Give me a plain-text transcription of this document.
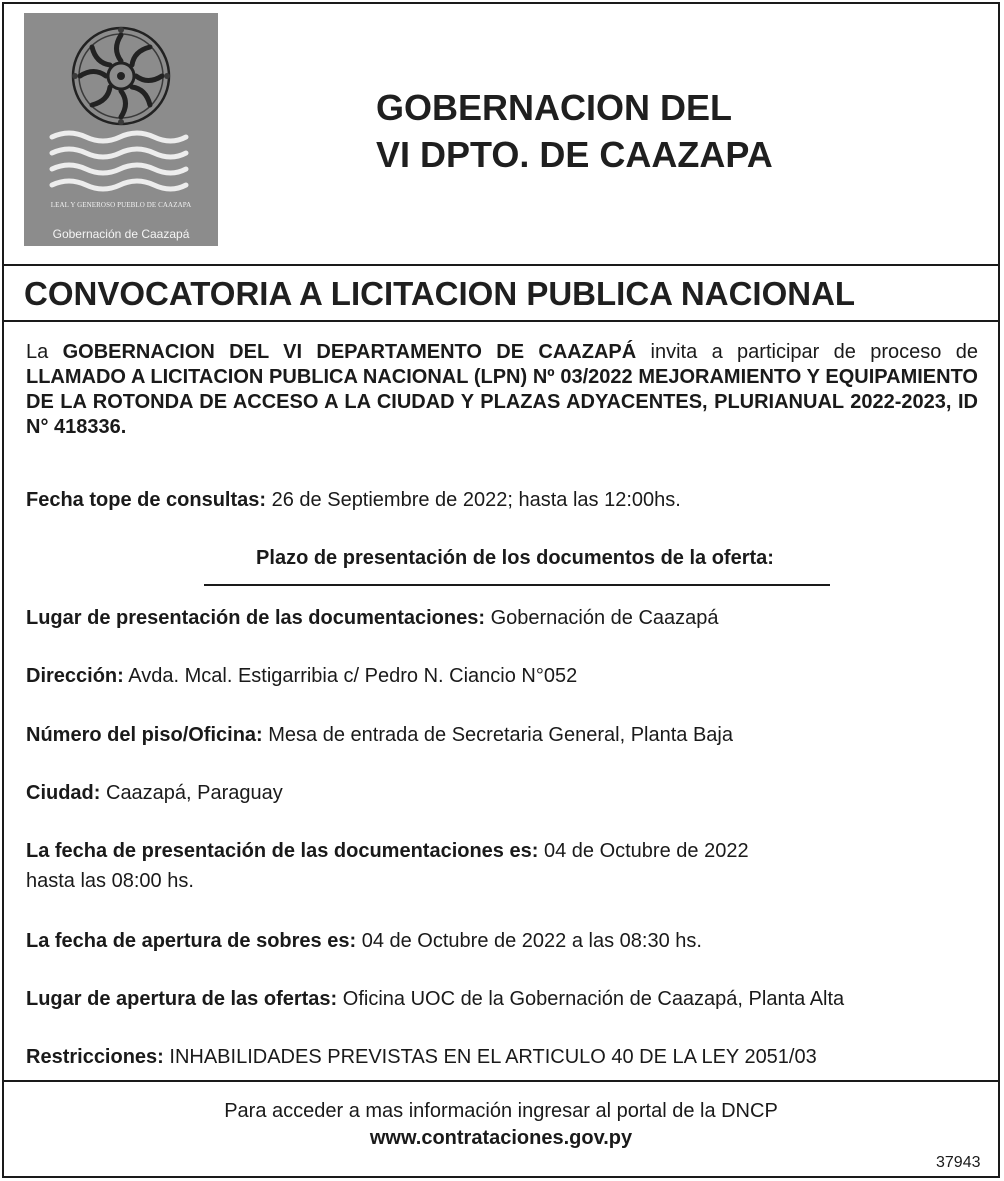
LEAL Y GENEROSO PUEBLO DE CAAZAPA
Gobernación de Caazapá
GOBERNACION DEL
VI DPTO. DE CAAZAPA
CONVOCATORIA A LICITACION PUBLICA NACIONAL
La GOBERNACION DEL VI DEPARTAMENTO DE CAAZAPÁ invita a participar de proceso de LLAMADO A LICITACION PUBLICA NACIONAL (LPN) Nº 03/2022 MEJORAMIENTO Y EQUIPAMIENTO DE LA ROTONDA DE ACCESO A LA CIUDAD Y PLAZAS ADYACENTES, PLURIANUAL 2022-2023, ID N° 418336.
Fecha tope de consultas: 26 de Septiembre de 2022; hasta las 12:00hs.
Plazo de presentación de los documentos de la oferta:
Lugar de presentación de las documentaciones: Gobernación de Caazapá
Dirección: Avda. Mcal. Estigarribia c/ Pedro N. Ciancio N°052
Número del piso/Oficina: Mesa de entrada de Secretaria General, Planta Baja
Ciudad: Caazapá, Paraguay
La fecha de presentación de las documentaciones es: 04 de Octubre de 2022
hasta las 08:00 hs.
La fecha de apertura de sobres es: 04 de Octubre de 2022 a las 08:30 hs.
Lugar de apertura de las ofertas: Oficina UOC de la Gobernación de Caazapá, Planta Alta
Restricciones: INHABILIDADES PREVISTAS EN EL ARTICULO 40 DE LA LEY 2051/03
Para acceder a mas información ingresar al portal de la DNCP
www.contrataciones.gov.py
37943
